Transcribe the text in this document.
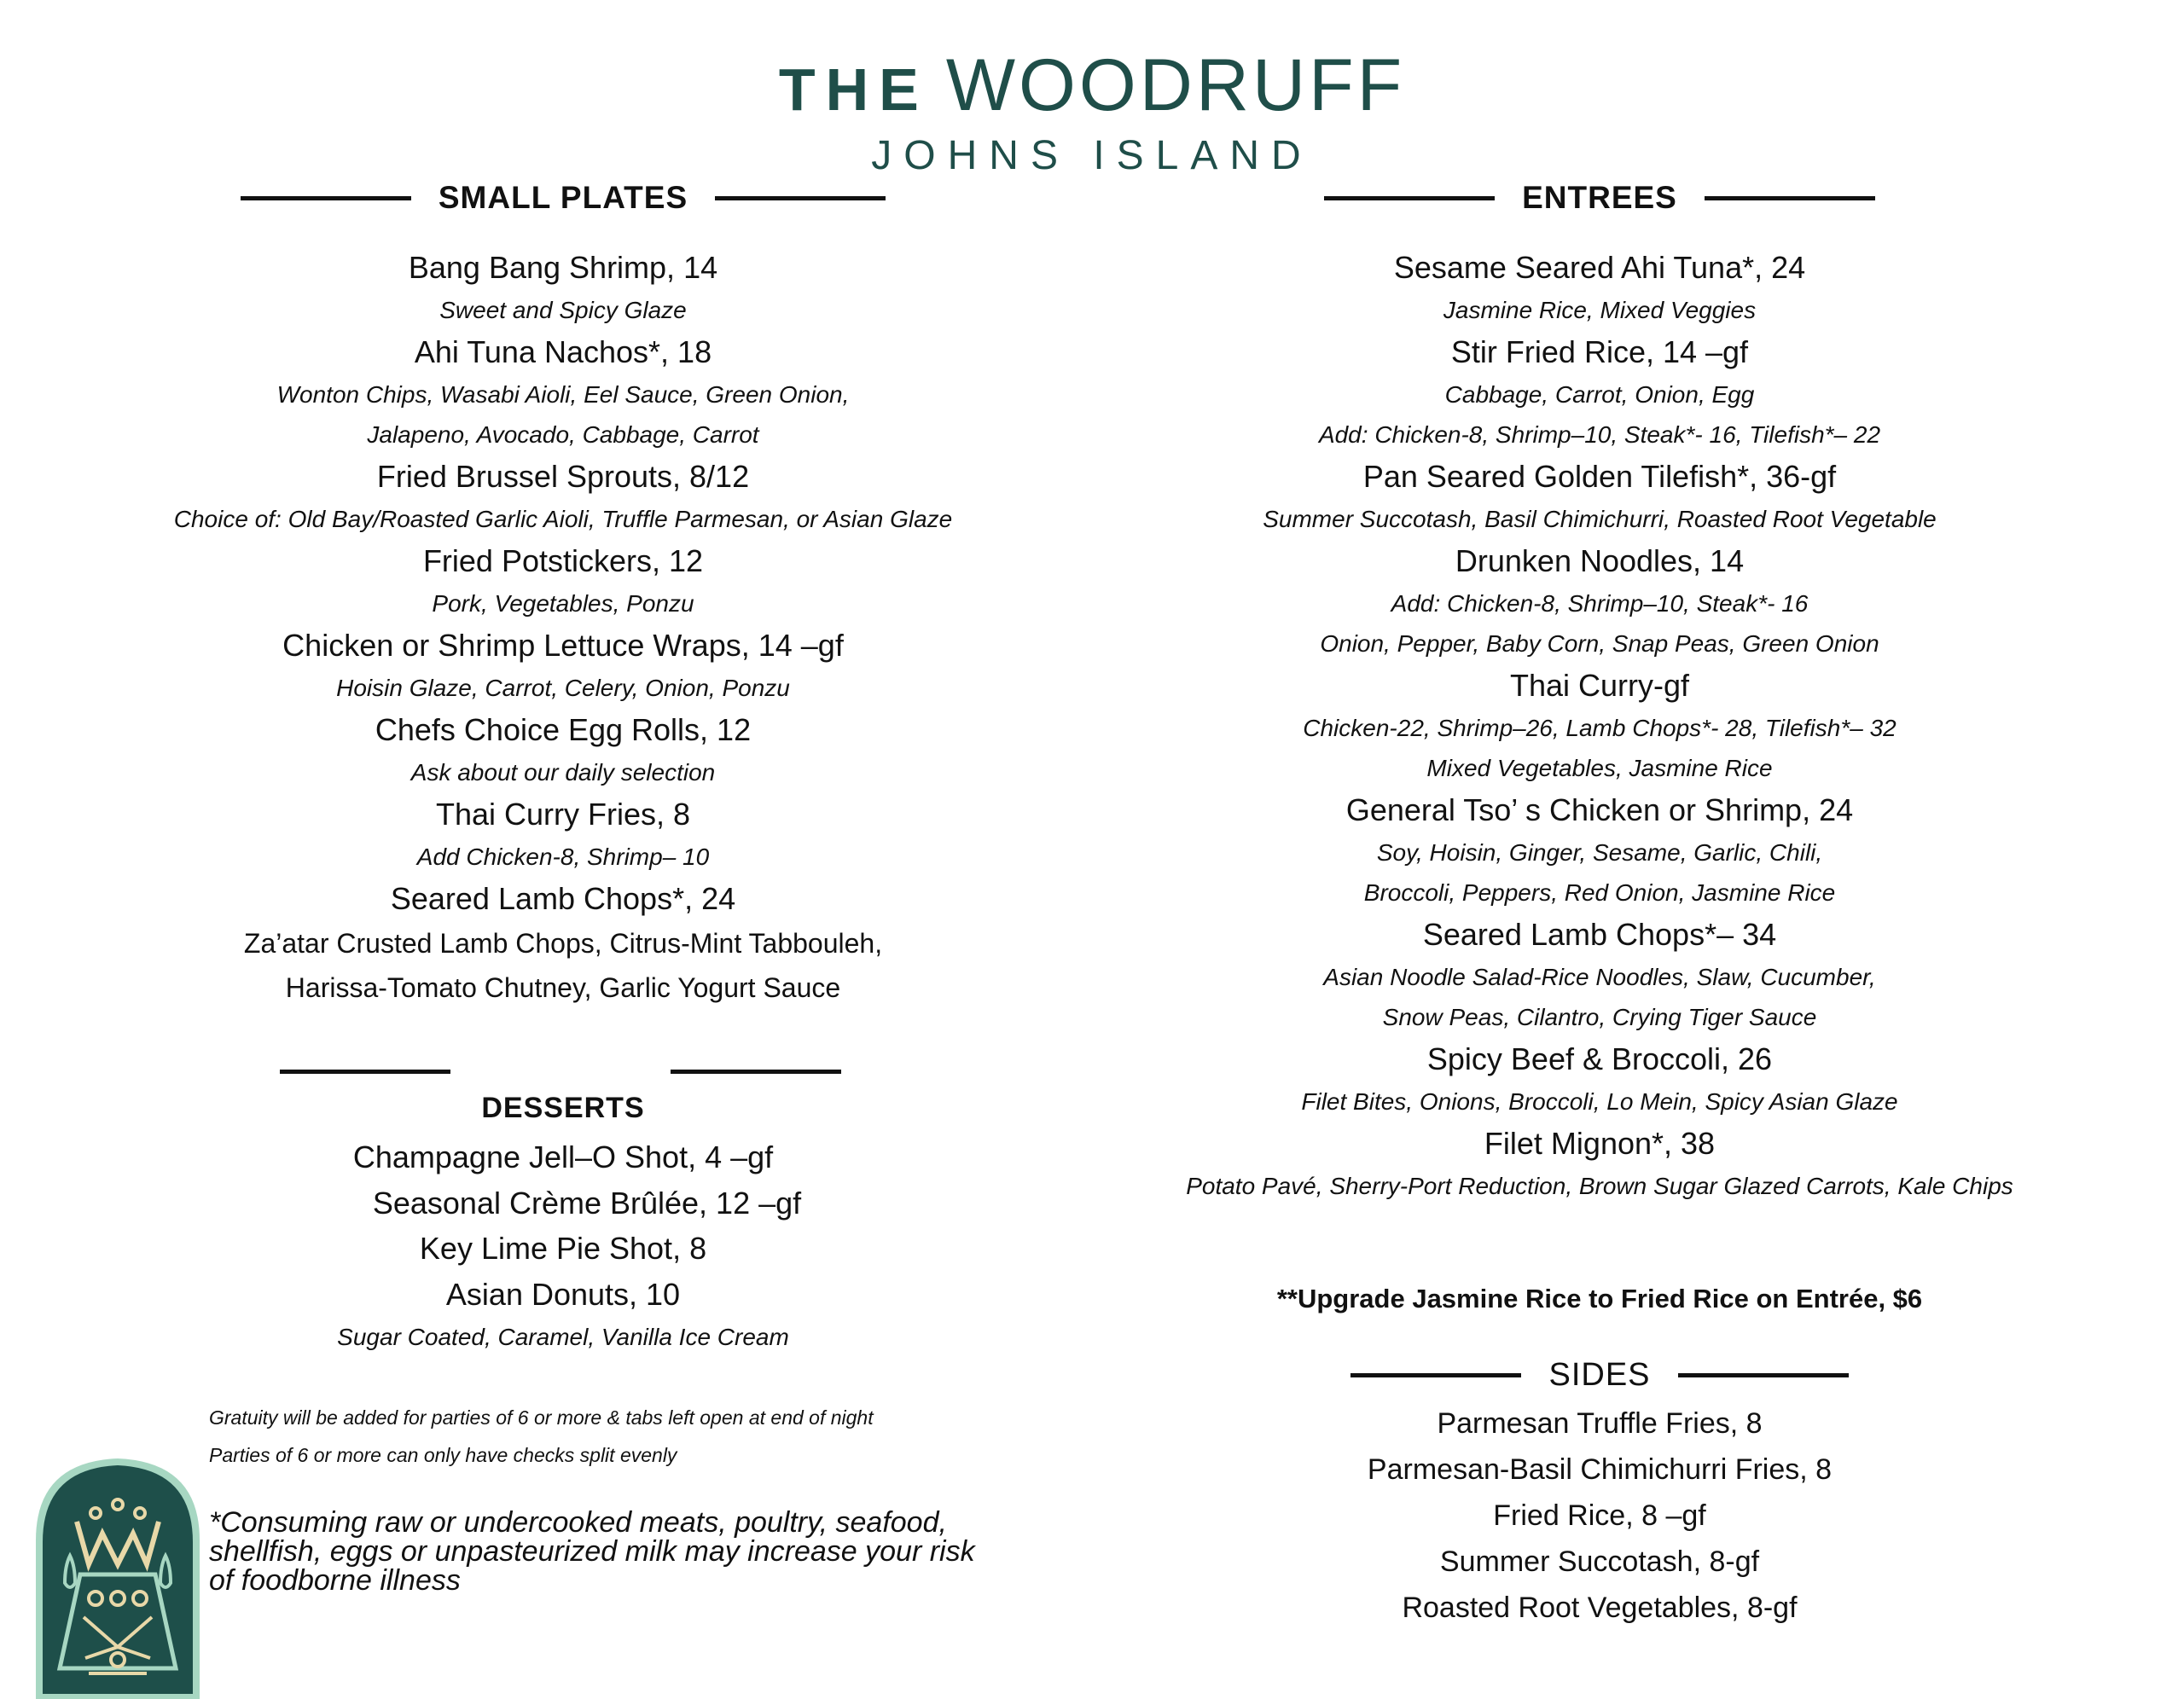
THE WOODRUFF
JOHNS ISLAND
SMALL PLATES
Bang Bang Shrimp, 14
Sweet and Spicy Glaze
Ahi Tuna Nachos*, 18
Wonton Chips, Wasabi Aioli, Eel Sauce, Green Onion,
Jalapeno, Avocado, Cabbage, Carrot
Fried Brussel Sprouts, 8/12
Choice of: Old Bay/Roasted Garlic Aioli, Truffle Parmesan, or Asian Glaze
Fried Potstickers, 12
Pork, Vegetables, Ponzu
Chicken or Shrimp Lettuce Wraps, 14 –gf
Hoisin Glaze, Carrot, Celery, Onion, Ponzu
Chefs Choice Egg Rolls, 12
Ask about our daily selection
Thai Curry Fries, 8
Add Chicken-8, Shrimp– 10
Seared Lamb Chops*, 24
Za’atar Crusted Lamb Chops, Citrus-Mint Tabbouleh,
Harissa-Tomato Chutney, Garlic Yogurt Sauce
DESSERTS
Champagne Jell–O Shot, 4 –gf
Seasonal Crème Brûlée, 12 –gf
Key Lime Pie Shot, 8
Asian Donuts, 10
Sugar Coated, Caramel, Vanilla Ice Cream
Gratuity will be added for parties of 6 or more & tabs left open at end of night
Parties of 6 or more can only have checks split evenly
*Consuming raw or undercooked meats, poultry, seafood,
shellfish, eggs or unpasteurized milk may increase your risk
of foodborne illness
ENTREES
Sesame Seared Ahi Tuna*, 24
Jasmine Rice, Mixed Veggies
Stir Fried Rice, 14 –gf
Cabbage, Carrot, Onion, Egg
Add: Chicken-8, Shrimp–10, Steak*- 16, Tilefish*– 22
Pan Seared Golden Tilefish*, 36-gf
Summer Succotash, Basil Chimichurri, Roasted Root Vegetable
Drunken Noodles, 14
Add: Chicken-8, Shrimp–10, Steak*- 16
Onion, Pepper, Baby Corn, Snap Peas, Green Onion
Thai Curry-gf
Chicken-22, Shrimp–26, Lamb Chops*- 28, Tilefish*– 32
Mixed Vegetables, Jasmine Rice
General Tso’ s Chicken or Shrimp, 24
Soy, Hoisin, Ginger, Sesame, Garlic, Chili,
Broccoli, Peppers, Red Onion, Jasmine Rice
Seared Lamb Chops*– 34
Asian Noodle Salad-Rice Noodles, Slaw, Cucumber,
Snow Peas, Cilantro, Crying Tiger Sauce
Spicy Beef & Broccoli, 26
Filet Bites, Onions, Broccoli, Lo Mein, Spicy Asian Glaze
Filet Mignon*, 38
Potato Pavé, Sherry-Port Reduction, Brown Sugar Glazed Carrots, Kale Chips
**Upgrade Jasmine Rice to Fried Rice on Entrée, $6
SIDES
Parmesan Truffle Fries, 8
Parmesan-Basil Chimichurri Fries, 8
Fried Rice, 8 –gf
Summer Succotash, 8-gf
Roasted Root Vegetables, 8-gf
